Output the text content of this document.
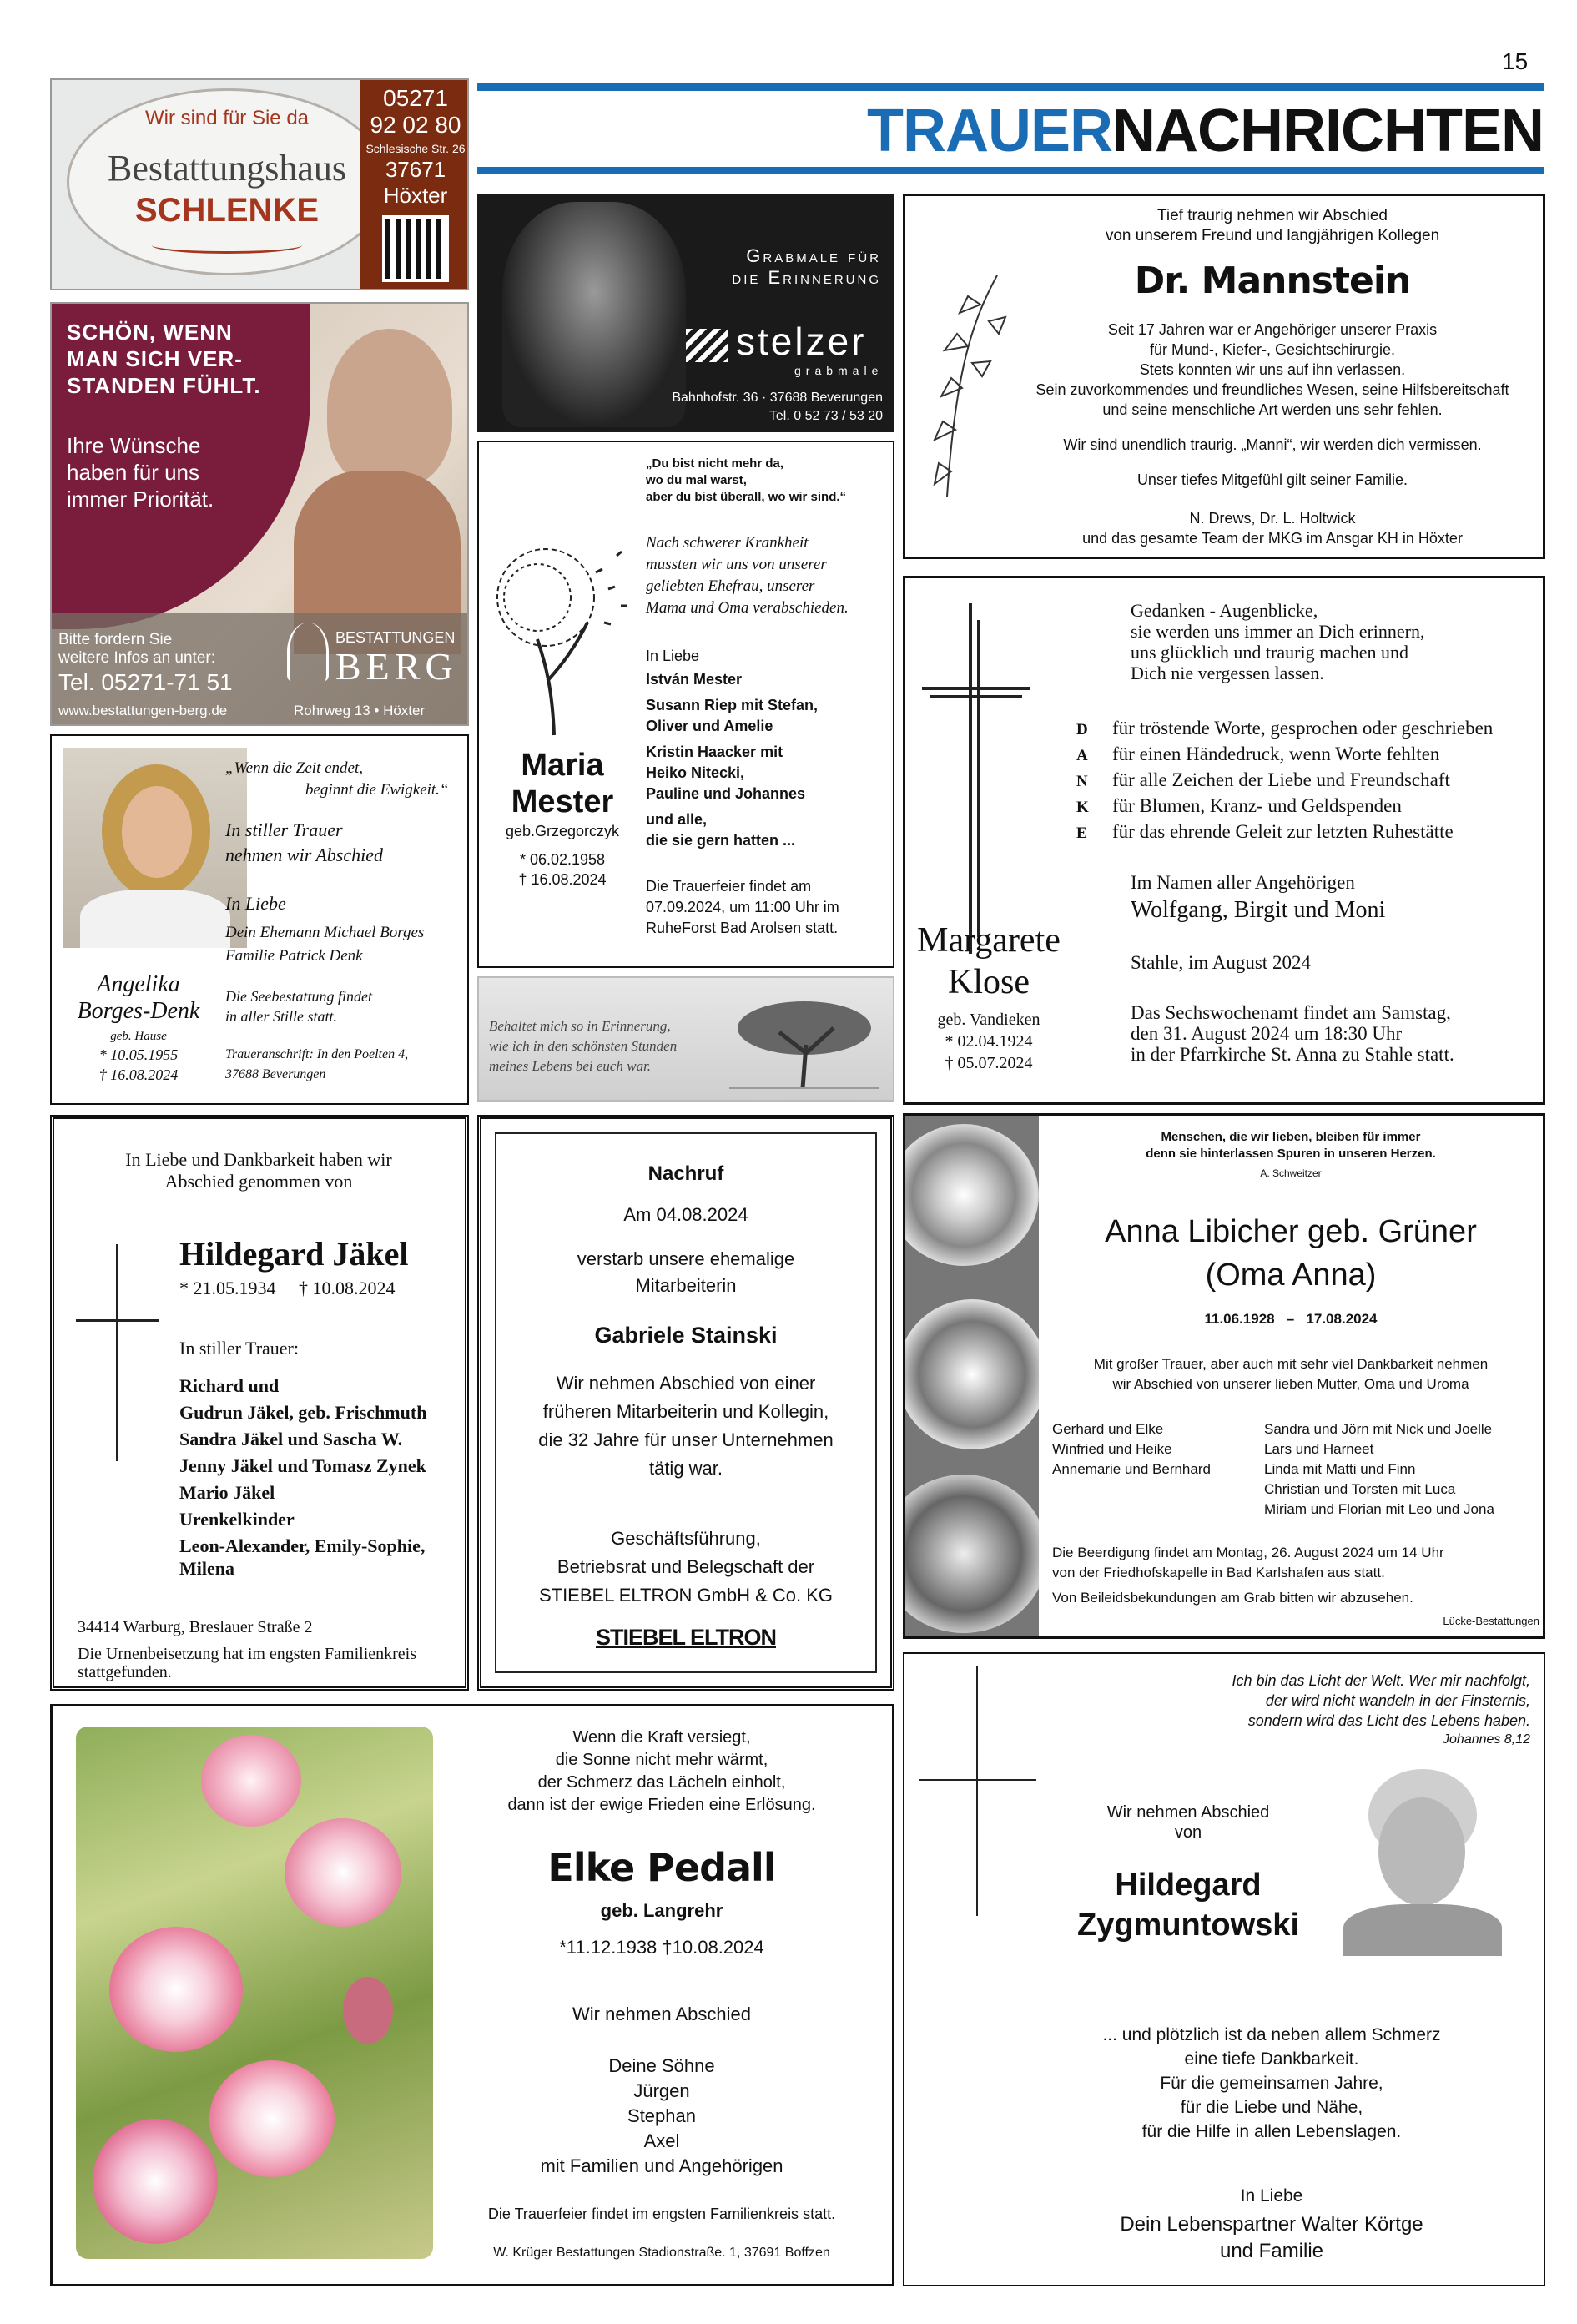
15
TRAUERNACHRICHTEN
Wir sind für Sie da
Bestattungshaus
SCHLENKE
05271
92 02 80
Schlesische Str. 26
37671
Höxter
SCHÖN, WENN
MAN SICH VER-
STANDEN FÜHLT.
Ihre Wünsche
haben für uns
immer Priorität.
Bitte fordern Sie
weitere Infos an unter:
Tel. 05271-71 51
www.bestattungen-berg.de
BESTATTUNGEN
BERG
Rohrweg 13 • Höxter
Grabmale für
die Erinnerung
stelzer
grabmale
Bahnhofstr. 36 · 37688 Beverungen
Tel. 0 52 73 / 53 20
Tief traurig nehmen wir Abschied
von unserem Freund und langjährigen Kollegen
Dr. Mannstein
Seit 17 Jahren war er Angehöriger unserer Praxis
für Mund-, Kiefer-, Gesichtschirurgie.
Stets konnten wir uns auf ihn verlassen.
Sein zuvorkommendes und freundliches Wesen, seine Hilfsbereitschaft
und seine menschliche Art werden uns sehr fehlen.
Wir sind unendlich traurig. „Manni“, wir werden dich vermissen.
Unser tiefes Mitgefühl gilt seiner Familie.
N. Drews, Dr. L. Holtwick
und das gesamte Team der MKG im Ansgar KH in Höxter
„Du bist nicht mehr da,
wo du mal warst,
aber du bist überall, wo wir sind.“
Nach schwerer Krankheit
mussten wir uns von unserer
geliebten Ehefrau, unserer
Mama und Oma verabschieden.
In Liebe
István Mester
Susann Riep mit Stefan,
Oliver und Amelie
Kristin Haacker mit
Heiko Nitecki,
Pauline und Johannes
und alle,
die sie gern hatten ...
Die Trauerfeier findet am
07.09.2024, um 11:00 Uhr im
RuheForst Bad Arolsen statt.
Maria
Mester
geb.Grzegorczyk
* 06.02.1958
† 16.08.2024
Behaltet mich so in Erinnerung,
wie ich in den schönsten Stunden
meines Lebens bei euch war.
„Wenn die Zeit endet,
beginnt die Ewigkeit.“
In stiller Trauer
nehmen wir Abschied
In Liebe
Dein Ehemann Michael Borges
Familie Patrick Denk
Angelika
Borges-Denk
geb. Hause
* 10.05.1955
† 16.08.2024
Die Seebestattung findet
in aller Stille statt.
Traueranschrift: In den Poelten 4,
37688 Beverungen
Gedanken - Augenblicke,
sie werden uns immer an Dich erinnern,
uns glücklich und traurig machen und
Dich nie vergessen lassen.
D
A
N
K
E
für tröstende Worte, gesprochen oder geschrieben
für einen Händedruck, wenn Worte fehlten
für alle Zeichen der Liebe und Freundschaft
für Blumen, Kranz- und Geldspenden
für das ehrende Geleit zur letzten Ruhestätte
Im Namen aller Angehörigen
Wolfgang, Birgit und Moni
Stahle, im August 2024
Das Sechswochenamt findet am Samstag,
den 31. August 2024 um 18:30 Uhr
in der Pfarrkirche St. Anna zu Stahle statt.
Margarete
Klose
geb. Vandieken
* 02.04.1924
† 05.07.2024
In Liebe und Dankbarkeit haben wir
Abschied genommen von
Hildegard Jäkel
* 21.05.1934     † 10.08.2024
In stiller Trauer:
Richard und
Gudrun Jäkel, geb. Frischmuth
Sandra Jäkel und Sascha W.
Jenny Jäkel und Tomasz Zynek
Mario Jäkel
Urenkelkinder
Leon-Alexander, Emily-Sophie,
Milena
34414 Warburg, Breslauer Straße 2
Die Urnenbeisetzung hat im engsten Familienkreis
stattgefunden.
Nachruf
Am 04.08.2024
verstarb unsere ehemalige
Mitarbeiterin
Gabriele Stainski
Wir nehmen Abschied von einer
früheren Mitarbeiterin und Kollegin,
die 32 Jahre für unser Unternehmen
tätig war.
Geschäftsführung,
Betriebsrat und Belegschaft der
STIEBEL ELTRON GmbH & Co. KG
STIEBEL ELTRON
Menschen, die wir lieben, bleiben für immer
denn sie hinterlassen Spuren in unseren Herzen.
A. Schweitzer
Anna Libicher geb. Grüner
(Oma Anna)
11.06.1928   –   17.08.2024
Mit großer Trauer, aber auch mit sehr viel Dankbarkeit nehmen
wir Abschied von unserer lieben Mutter, Oma und Uroma
Gerhard und Elke
Winfried und Heike
Annemarie und Bernhard
Sandra und Jörn mit Nick und Joelle
Lars und Harneet
Linda mit Matti und Finn
Christian und Torsten mit Luca
Miriam und Florian mit Leo und Jona
Die Beerdigung findet am Montag, 26. August 2024 um 14 Uhr
von der Friedhofskapelle in Bad Karlshafen aus statt.
Von Beileidsbekundungen am Grab bitten wir abzusehen.
Lücke-Bestattungen
Wenn die Kraft versiegt,
die Sonne nicht mehr wärmt,
der Schmerz das Lächeln einholt,
dann ist der ewige Frieden eine Erlösung.
Elke Pedall
geb. Langrehr
*11.12.1938 †10.08.2024
Wir nehmen Abschied
Deine Söhne
Jürgen
Stephan
Axel
mit Familien und Angehörigen
Die Trauerfeier findet im engsten Familienkreis statt.
W. Krüger Bestattungen Stadionstraße. 1, 37691 Boffzen
Ich bin das Licht der Welt. Wer mir nachfolgt,
der wird nicht wandeln in der Finsternis,
sondern wird das Licht des Lebens haben.
Johannes 8,12
Wir nehmen Abschied
von
Hildegard
Zygmuntowski
... und plötzlich ist da neben allem Schmerz
eine tiefe Dankbarkeit.
Für die gemeinsamen Jahre,
für die Liebe und Nähe,
für die Hilfe in allen Lebenslagen.
In Liebe
Dein Lebenspartner Walter Körtge
und Familie
